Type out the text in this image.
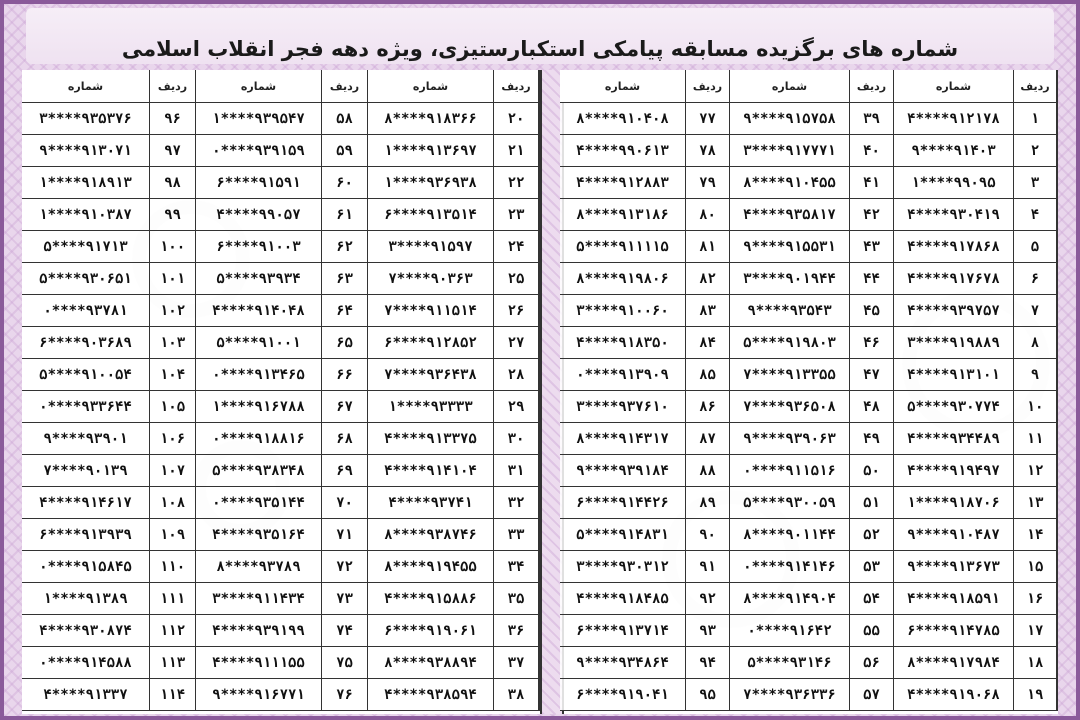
شماره های برگزیده مسابقه پیامکی استکبارستیزی، ویژه دهه فجر انقلاب اسلامی
ردیف	شماره	ردیف	شماره	ردیف	شماره
۲۰	۹۱۸۳۶۶****۸	۵۸	۹۳۹۵۴۷****۱	۹۶	۹۳۵۳۷۶****۳
۲۱	۹۱۳۶۹۷****۱	۵۹	۹۳۹۱۵۹****۰	۹۷	۹۱۳۰۷۱****۹
۲۲	۹۳۶۹۳۸****۱	۶۰	۹۱۵۹۱****۶	۹۸	۹۱۸۹۱۳****۱
۲۳	۹۱۳۵۱۴****۶	۶۱	۹۹۰۵۷****۴	۹۹	۹۱۰۳۸۷****۱
۲۴	۹۱۵۹۷****۳	۶۲	۹۱۰۰۳****۶	۱۰۰	۹۱۷۱۳****۵
۲۵	۹۰۳۶۳****۷	۶۳	۹۳۹۳۴****۵	۱۰۱	۹۳۰۶۵۱****۵
۲۶	۹۱۱۵۱۴****۷	۶۴	۹۱۴۰۴۸****۴	۱۰۲	۹۳۷۸۱****۰
۲۷	۹۱۲۸۵۲****۶	۶۵	۹۱۰۰۱****۵	۱۰۳	۹۰۳۶۸۹****۶
۲۸	۹۳۶۴۳۸****۷	۶۶	۹۱۳۴۶۵****۰	۱۰۴	۹۱۰۰۵۴****۵
۲۹	۹۳۳۳۳****۱	۶۷	۹۱۶۷۸۸****۱	۱۰۵	۹۳۳۶۴۴****۰
۳۰	۹۱۳۳۷۵****۴	۶۸	۹۱۸۸۱۶****۰	۱۰۶	۹۳۹۰۱****۹
۳۱	۹۱۴۱۰۴****۴	۶۹	۹۳۸۳۴۸****۵	۱۰۷	۹۰۱۳۹****۷
۳۲	۹۳۷۴۱****۴	۷۰	۹۳۵۱۴۴****۰	۱۰۸	۹۱۴۶۱۷****۴
۳۳	۹۳۸۷۴۶****۸	۷۱	۹۳۵۱۶۴****۴	۱۰۹	۹۱۳۹۳۹****۶
۳۴	۹۱۹۴۵۵****۸	۷۲	۹۳۷۸۹****۸	۱۱۰	۹۱۵۸۴۵****۰
۳۵	۹۱۵۸۸۶****۴	۷۳	۹۱۱۴۳۴****۳	۱۱۱	۹۱۳۸۹****۱
۳۶	۹۱۹۰۶۱****۶	۷۴	۹۳۹۱۹۹****۴	۱۱۲	۹۳۰۸۷۴****۴
۳۷	۹۳۸۸۹۴****۸	۷۵	۹۱۱۱۵۵****۴	۱۱۳	۹۱۴۵۸۸****۰
۳۸	۹۳۸۵۹۴****۴	۷۶	۹۱۶۷۷۱****۹	۱۱۴	۹۱۳۳۷****۴
ردیف	شماره	ردیف	شماره	ردیف	شماره
۱	۹۱۲۱۷۸****۴	۳۹	۹۱۵۷۵۸****۹	۷۷	۹۱۰۴۰۸****۸
۲	۹۱۴۰۳****۹	۴۰	۹۱۷۷۷۱****۳	۷۸	۹۹۰۶۱۳****۴
۳	۹۹۰۹۵****۱	۴۱	۹۱۰۴۵۵****۸	۷۹	۹۱۲۸۸۳****۴
۴	۹۳۰۴۱۹****۴	۴۲	۹۳۵۸۱۷****۴	۸۰	۹۱۳۱۸۶****۸
۵	۹۱۷۸۶۸****۴	۴۳	۹۱۵۵۳۱****۹	۸۱	۹۱۱۱۱۵****۵
۶	۹۱۷۶۷۸****۴	۴۴	۹۰۱۹۴۴****۳	۸۲	۹۱۹۸۰۶****۸
۷	۹۳۹۷۵۷****۴	۴۵	۹۳۵۴۳****۹	۸۳	۹۱۰۰۶۰****۳
۸	۹۱۹۸۸۹****۳	۴۶	۹۱۹۸۰۳****۵	۸۴	۹۱۸۳۵۰****۴
۹	۹۱۳۱۰۱****۴	۴۷	۹۱۳۳۵۵****۷	۸۵	۹۱۳۹۰۹****۰
۱۰	۹۳۰۷۷۴****۵	۴۸	۹۳۶۵۰۸****۷	۸۶	۹۳۷۶۱۰****۳
۱۱	۹۳۴۴۸۹****۴	۴۹	۹۳۹۰۶۳****۹	۸۷	۹۱۴۳۱۷****۸
۱۲	۹۱۹۴۹۷****۴	۵۰	۹۱۱۵۱۶****۰	۸۸	۹۳۹۱۸۴****۹
۱۳	۹۱۸۷۰۶****۱	۵۱	۹۳۰۰۵۹****۵	۸۹	۹۱۴۴۲۶****۶
۱۴	۹۱۰۴۸۷****۹	۵۲	۹۰۱۱۴۴****۸	۹۰	۹۱۴۸۳۱****۵
۱۵	۹۱۳۶۷۳****۹	۵۳	۹۱۴۱۴۶****۰	۹۱	۹۳۰۳۱۲****۳
۱۶	۹۱۸۵۹۱****۴	۵۴	۹۱۴۹۰۴****۸	۹۲	۹۱۸۴۸۵****۴
۱۷	۹۱۴۷۸۵****۶	۵۵	۹۱۶۴۲****۰	۹۳	۹۱۳۷۱۴****۶
۱۸	۹۱۷۹۸۴****۸	۵۶	۹۳۱۴۶****۵	۹۴	۹۳۴۸۶۴****۹
۱۹	۹۱۹۰۶۸****۴	۵۷	۹۳۶۳۳۶****۷	۹۵	۹۱۹۰۴۱****۶
